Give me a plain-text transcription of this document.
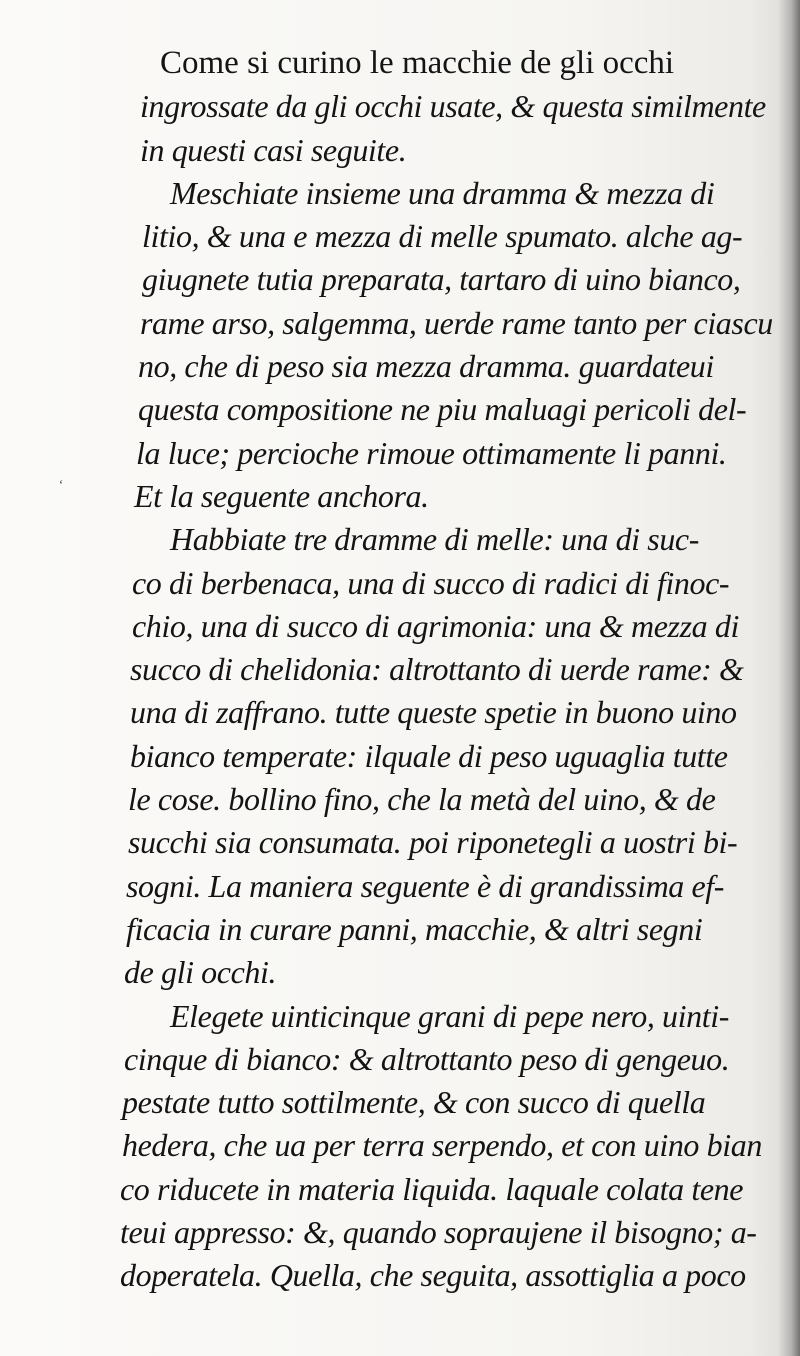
‘
Come si curino le macchie de gli occhi
ingrossate da gli occhi usate, & questa similmente
in questi casi seguite.
Meschiate insieme una dramma & mezza di
litio, & una e mezza di melle spumato. alche ag-
giugnete tutia preparata, tartaro di uino bianco,
rame arso, salgemma, uerde rame tanto per ciascu
no, che di peso sia mezza dramma. guardateui
questa compositione ne piu maluagi pericoli del-
la luce; percioche rimoue ottimamente li panni.
Et la seguente anchora.
Habbiate tre dramme di melle: una di suc-
co di berbenaca, una di succo di radici di finoc-
chio, una di succo di agrimonia: una & mezza di
succo di chelidonia: altrottanto di uerde rame: &
una di zaffrano. tutte queste spetie in buono uino
bianco temperate: ilquale di peso uguaglia tutte
le cose. bollino fino, che la metà del uino, & de
succhi sia consumata. poi riponetegli a uostri bi-
sogni. La maniera seguente è di grandissima ef-
ficacia in curare panni, macchie, & altri segni
de gli occhi.
Elegete uinticinque grani di pepe nero, uinti-
cinque di bianco: & altrottanto peso di gengeuo.
pestate tutto sottilmente, & con succo di quella
hedera, che ua per terra serpendo, et con uino bian
co riducete in materia liquida. laquale colata tene
teui appresso: &, quando sopraujene il bisogno; a-
doperatela. Quella, che seguita, assottiglia a poco
